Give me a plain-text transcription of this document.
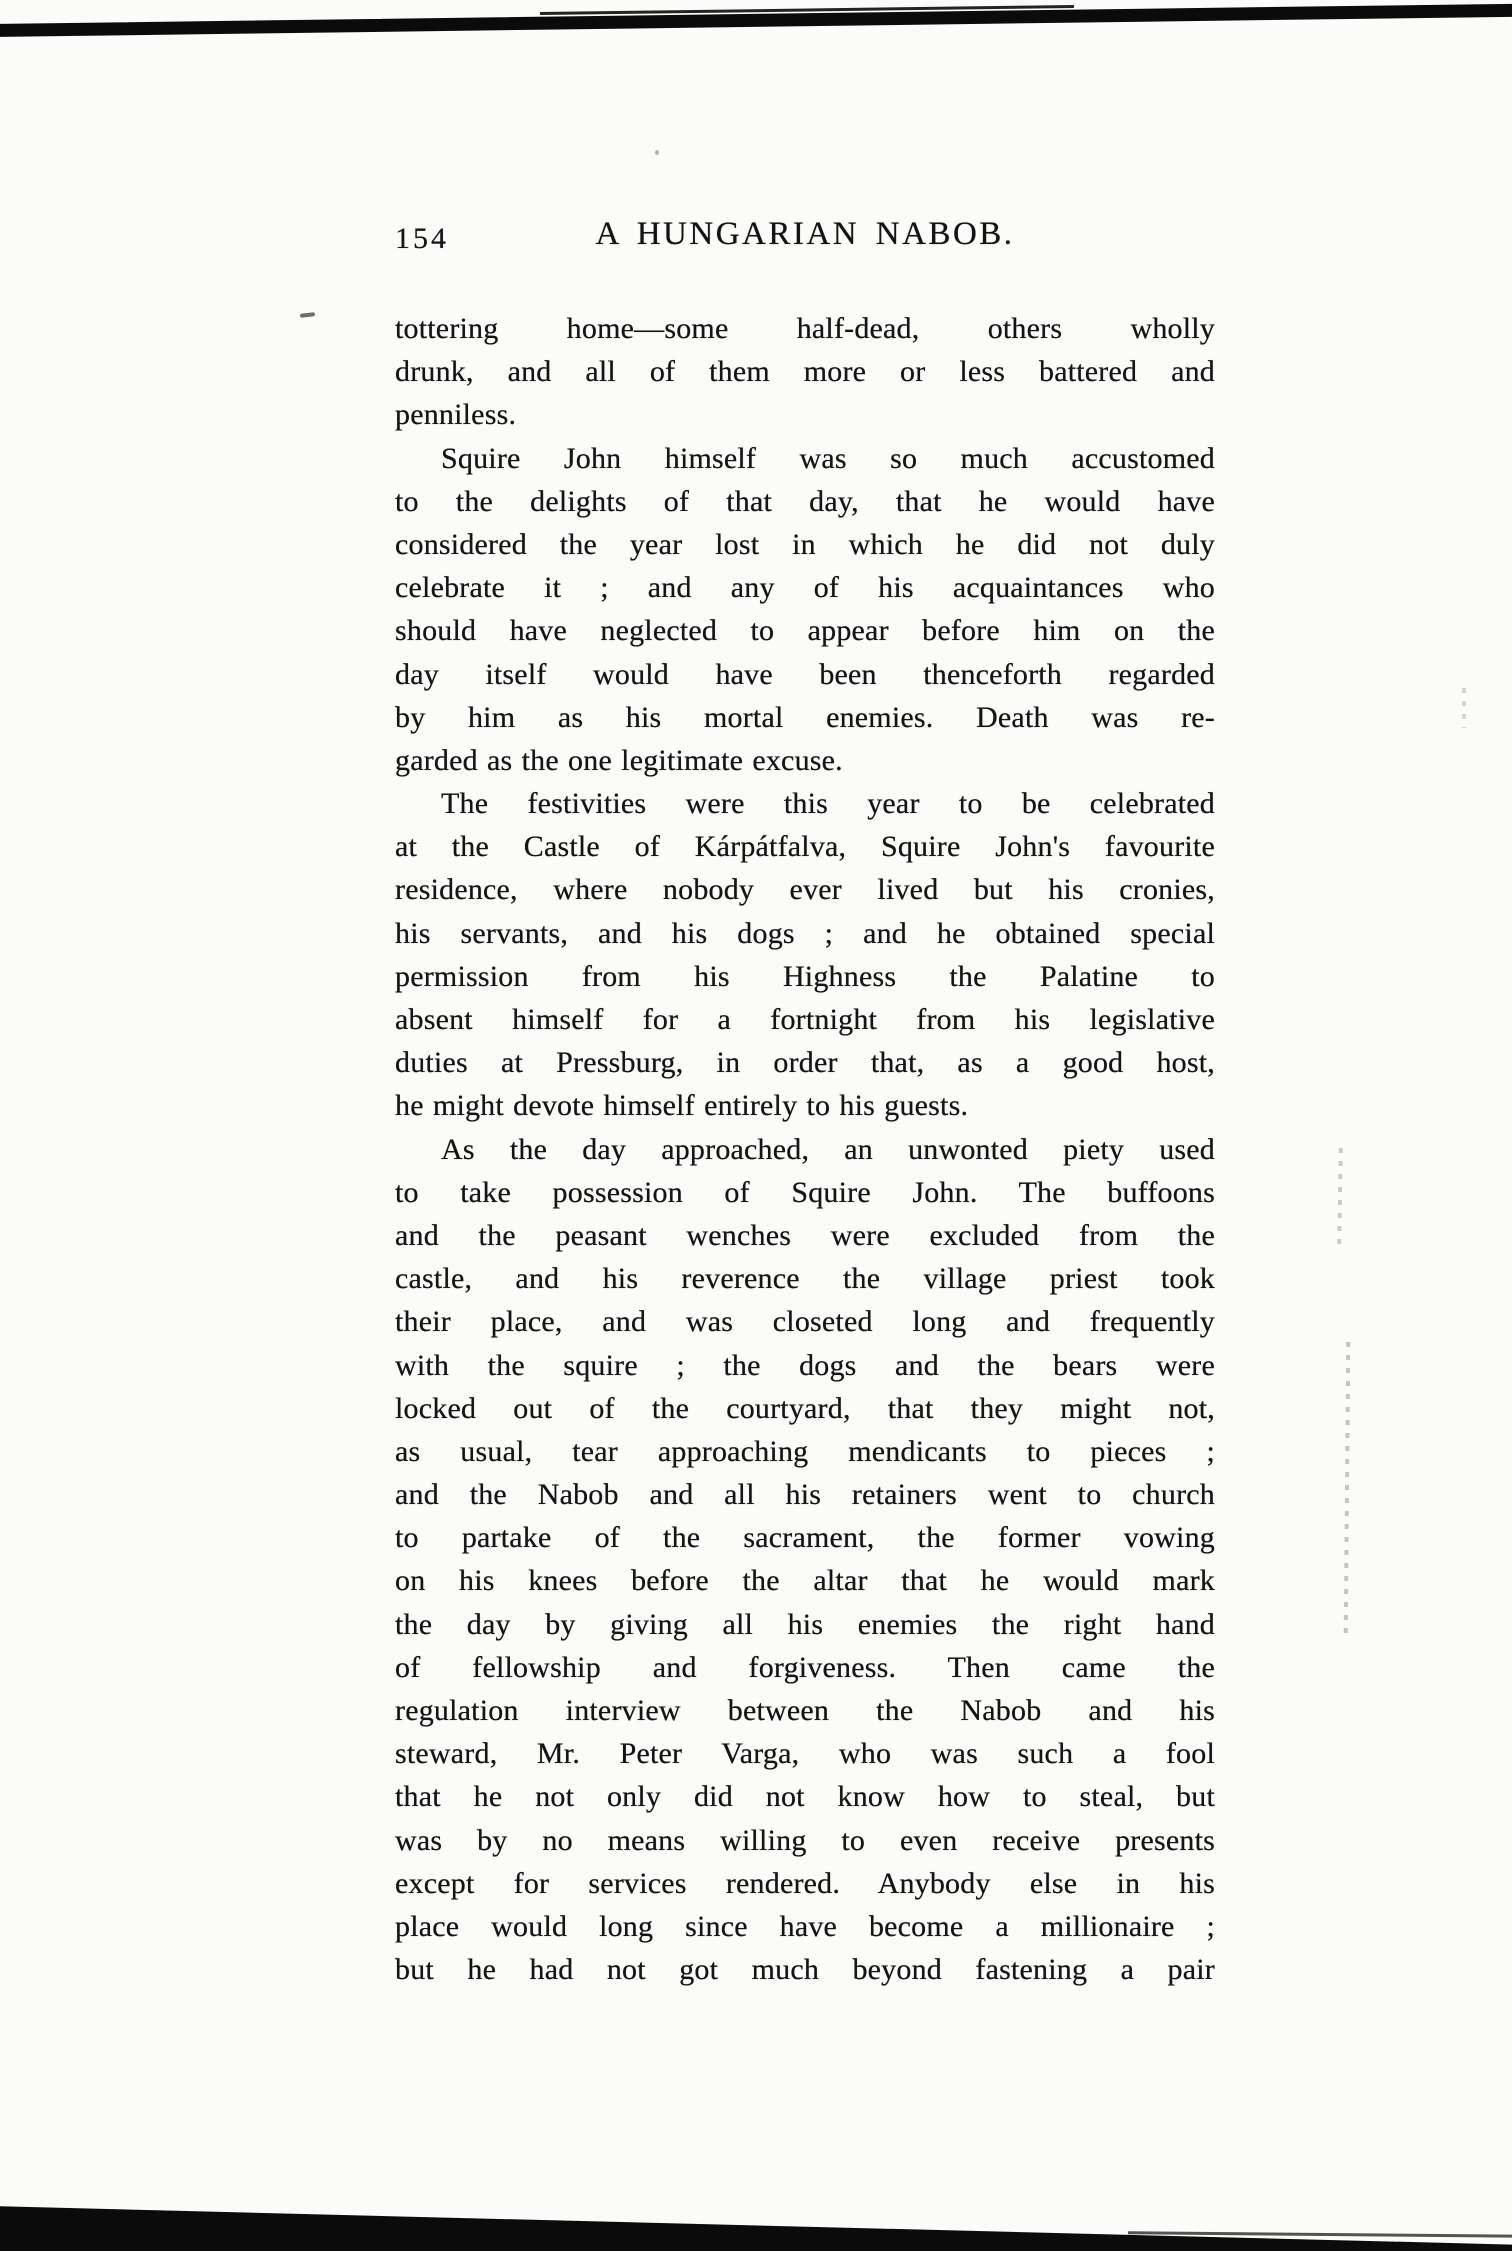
154	A HUNGARIAN NABOB.
tottering home—some half-dead, others wholly
drunk, and all of them more or less battered and
penniless.
Squire John himself was so much accustomed
to the delights of that day, that he would have
considered the year lost in which he did not duly
celebrate it ; and any of his acquaintances who
should have neglected to appear before him on the
day itself would have been thenceforth regarded
by him as his mortal enemies. Death was re-
garded as the one legitimate excuse.
The festivities were this year to be celebrated
at the Castle of Kárpátfalva, Squire John's favourite
residence, where nobody ever lived but his cronies,
his servants, and his dogs ; and he obtained special
permission from his Highness the Palatine to
absent himself for a fortnight from his legislative
duties at Pressburg, in order that, as a good host,
he might devote himself entirely to his guests.
As the day approached, an unwonted piety used
to take possession of Squire John. The buffoons
and the peasant wenches were excluded from the
castle, and his reverence the village priest took
their place, and was closeted long and frequently
with the squire ; the dogs and the bears were
locked out of the courtyard, that they might not,
as usual, tear approaching mendicants to pieces ;
and the Nabob and all his retainers went to church
to partake of the sacrament, the former vowing
on his knees before the altar that he would mark
the day by giving all his enemies the right hand
of fellowship and forgiveness. Then came the
regulation interview between the Nabob and his
steward, Mr. Peter Varga, who was such a fool
that he not only did not know how to steal, but
was by no means willing to even receive presents
except for services rendered. Anybody else in his
place would long since have become a millionaire ;
but he had not got much beyond fastening a pair
